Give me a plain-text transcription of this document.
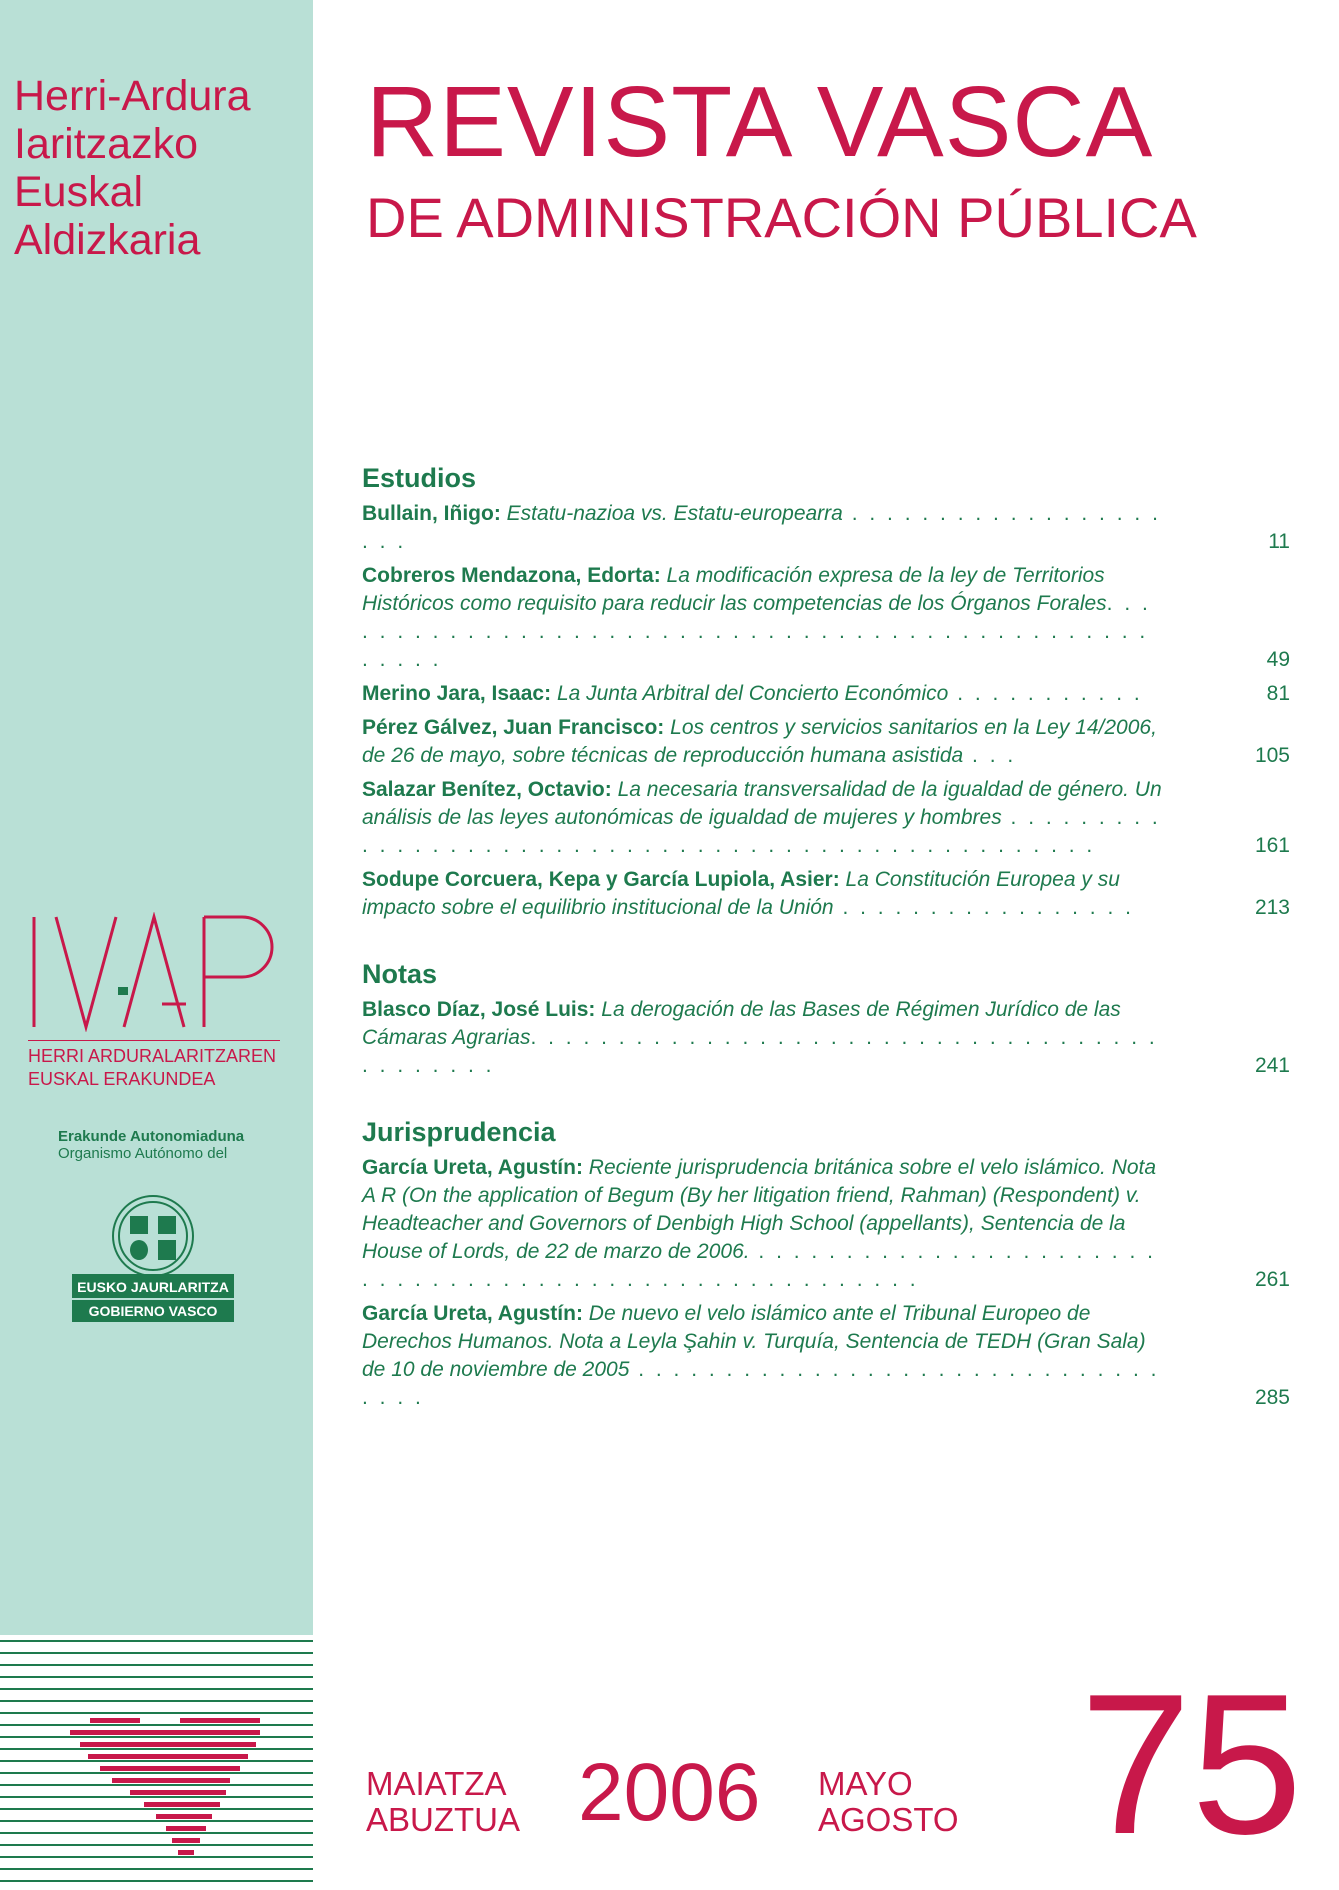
Herri-Ardura
Iaritzazko
Euskal
Aldizkaria
REVISTA VASCA
DE ADMINISTRACIÓN PÚBLICA
IVAP
HERRI ARDURALARITZAREN
EUSKAL ERAKUNDEA
Erakunde Autonomiaduna
Organismo Autónomo del
EUSKO JAURLARITZA
GOBIERNO VASCO
Estudios
Bullain, Iñigo: Estatu-nazioa vs. Estatu-europearra . . . . . . . . . . . . . . . . . . . . .	11
Cobreros Mendazona, Edorta: La modificación expresa de la ley de Territorios Históricos como requisito para reducir las competencias de los Órganos Forales. . . . . . . . . . . . . . . . . . . . . . . . . . . . . . . . . . . . . . . . . . . . . . . . . . . . .	49
Merino Jara, Isaac: La Junta Arbitral del Concierto Económico . . . . . . . . . . .	81
Pérez Gálvez, Juan Francisco: Los centros y servicios sanitarios en la Ley 14/2006, de 26 de mayo, sobre técnicas de reproducción humana asistida . . .	105
Salazar Benítez, Octavio: La necesaria transversalidad de la igualdad de género. Un análisis de las leyes autonómicas de igualdad de mujeres y hombres . . . . . . . . . . . . . . . . . . . . . . . . . . . . . . . . . . . . . . . . . . . . . . . . . . .	161
Sodupe Corcuera, Kepa y García Lupiola, Asier: La Constitución Europea y su impacto sobre el equilibrio institucional de la Unión . . . . . . . . . . . . . . . . .	213
Notas
Blasco Díaz, José Luis: La derogación de las Bases de Régimen Jurídico de las Cámaras Agrarias. . . . . . . . . . . . . . . . . . . . . . . . . . . . . . . . . . . . . . . . . . . .	241
Jurisprudencia
García Ureta, Agustín: Reciente jurisprudencia británica sobre el velo islámico. Nota A R (On the application of Begum (By her litigation friend, Rahman) (Respondent) v. Headteacher and Governors of Denbigh High School (appellants), Sentencia de la House of Lords, de 22 de marzo de 2006. . . . . . . . . . . . . . . . . . . . . . . . . . . . . . . . . . . . . . . . . . . . . . . . . . . . . . . .	261
García Ureta, Agustín: De nuevo el velo islámico ante el Tribunal Europeo de Derechos Humanos. Nota a Leyla Şahin v. Turquía, Sentencia de TEDH (Gran Sala) de 10 de noviembre de 2005 . . . . . . . . . . . . . . . . . . . . . . . . . . . . . . . . . .	285
MAIATZA
ABUZTUA 2006 MAYO
AGOSTO 75
